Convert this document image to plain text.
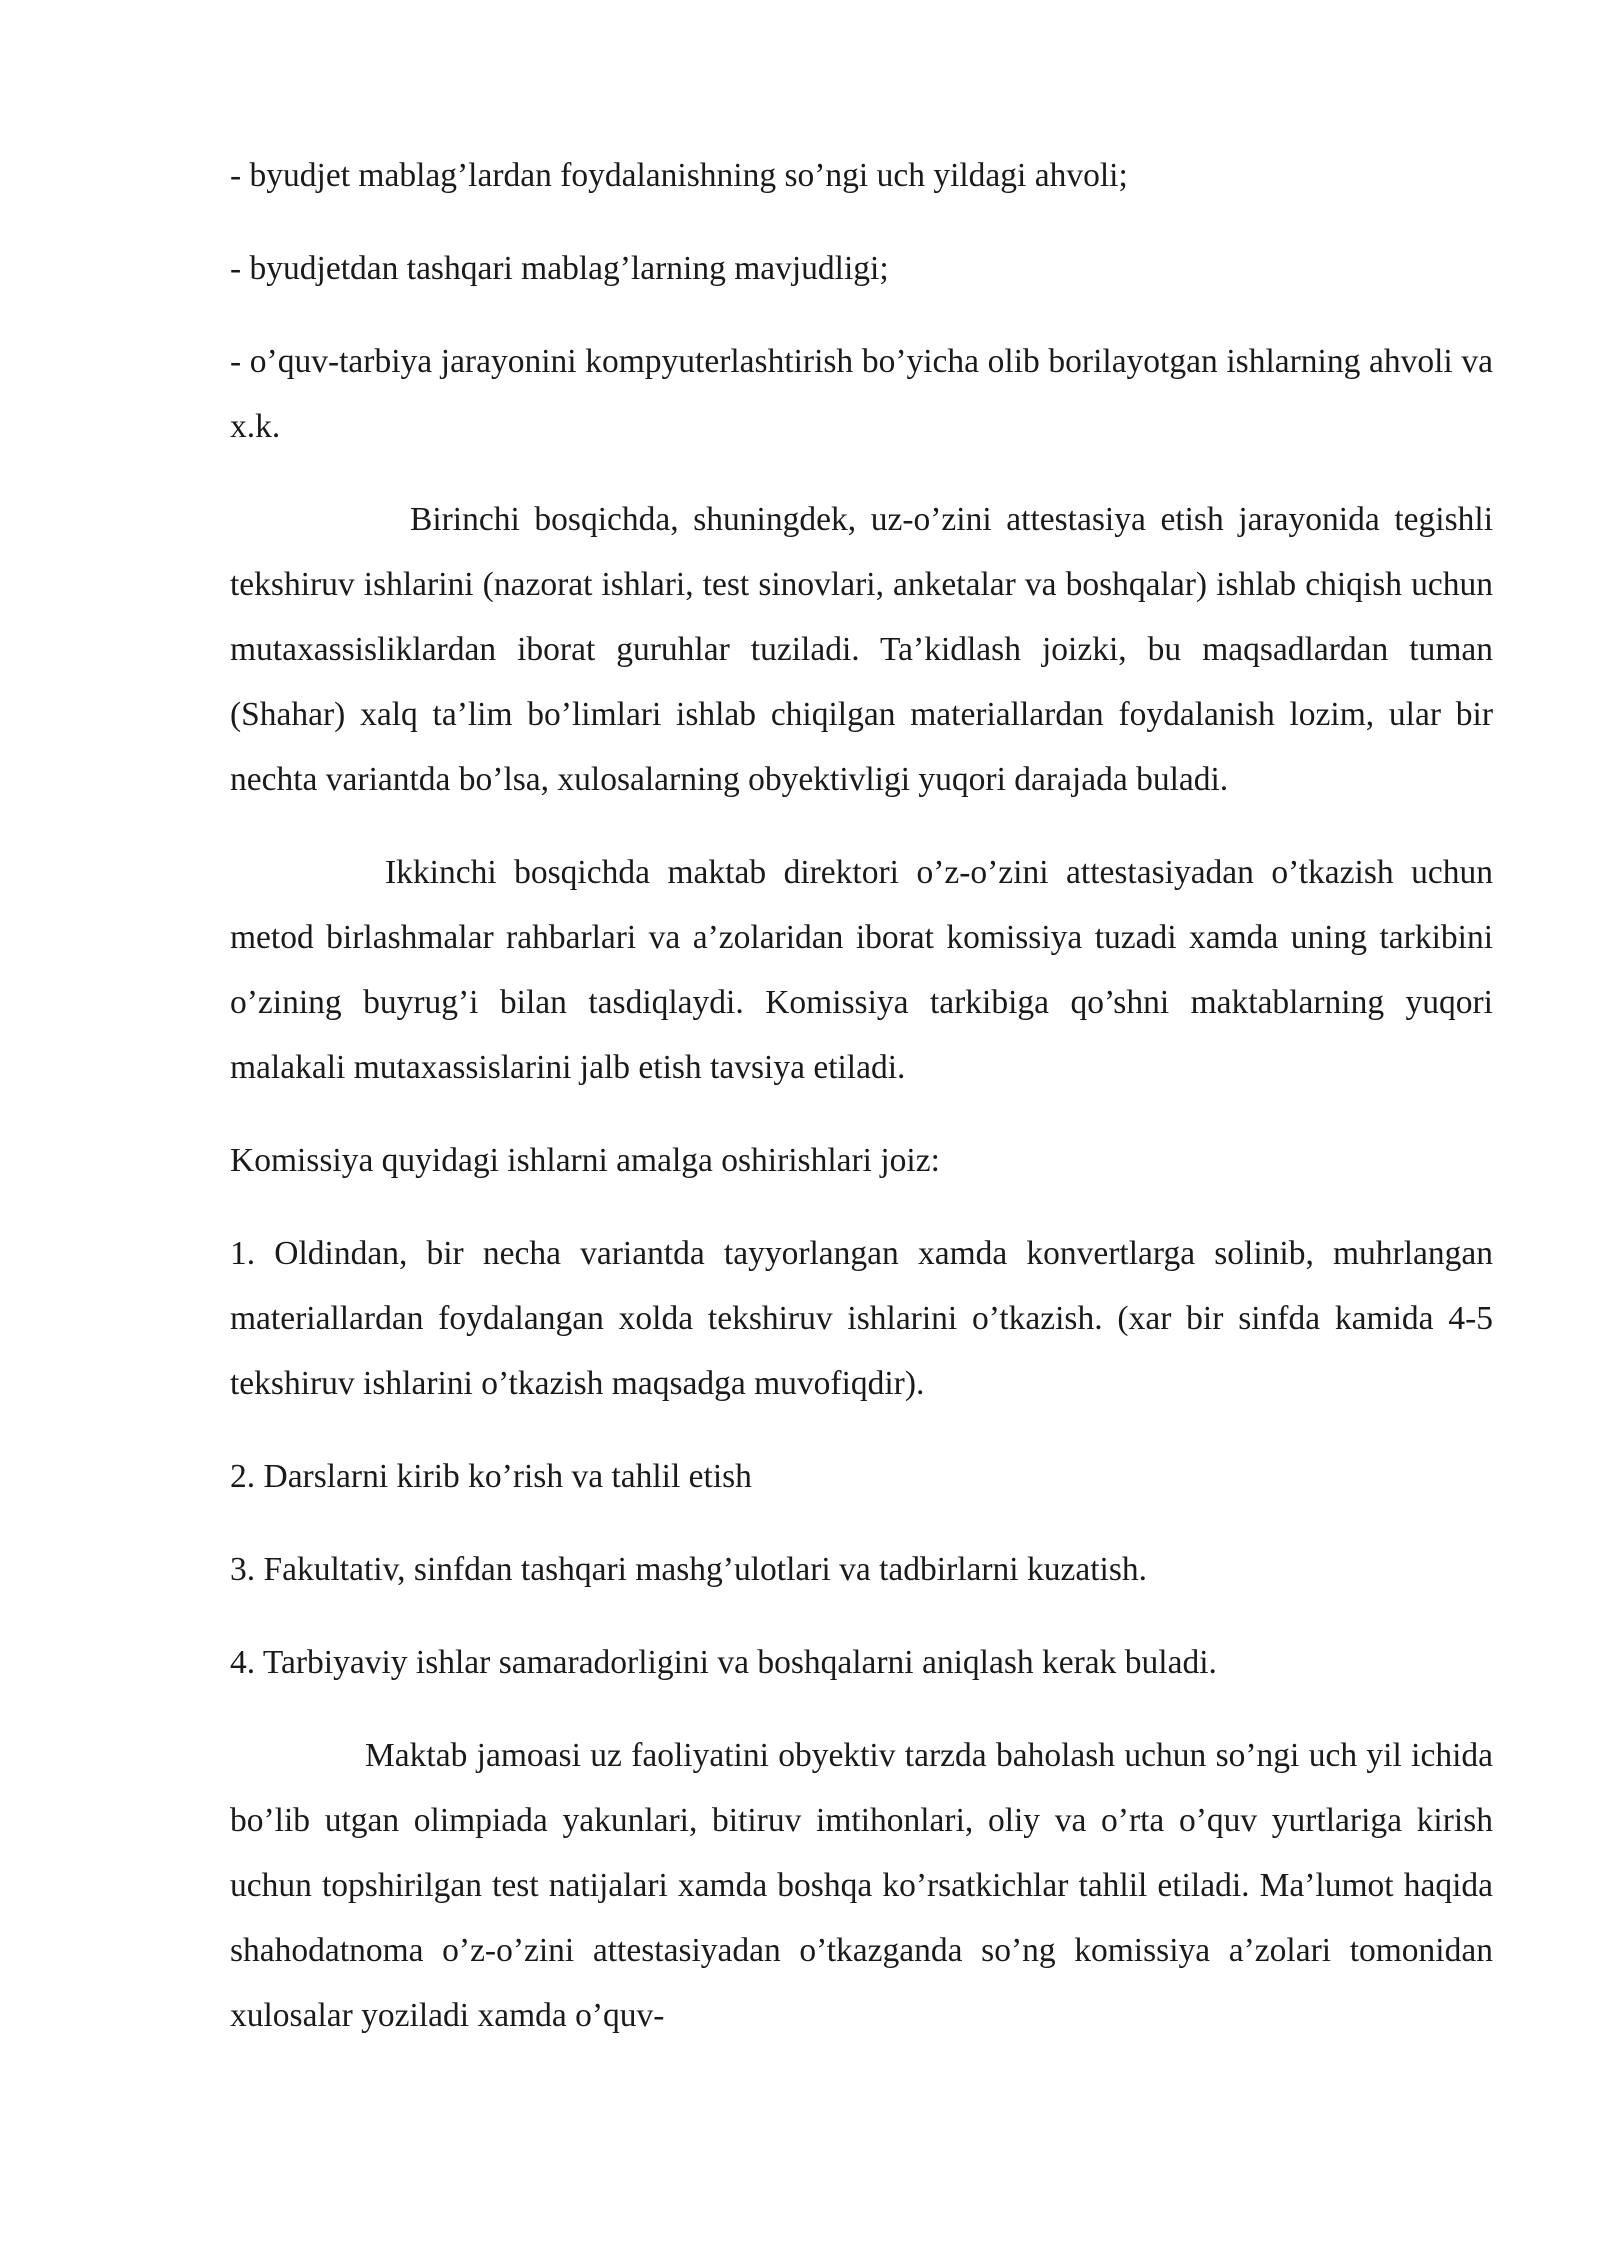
- byudjet mablag’lardan foydalanishning so’ngi uch yildagi ahvoli;

- byudjetdan tashqari mablag’larning mavjudligi;

- o’quv-tarbiya jarayonini kompyuterlashtirish bo’yicha olib borilayotgan ishlarning ahvoli va x.k.

Birinchi bosqichda, shuningdek, uz-o’zini attestasiya etish jarayonida tegishli tekshiruv ishlarini (nazorat ishlari, test sinovlari, anketalar va boshqalar) ishlab chiqish uchun mutaxassisliklardan iborat guruhlar tuziladi. Ta’kidlash joizki, bu maqsadlardan tuman (Shahar) xalq ta’lim bo’limlari ishlab chiqilgan materiallardan foydalanish lozim, ular bir nechta variantda bo’lsa, xulosalarning obyektivligi yuqori darajada buladi.

Ikkinchi bosqichda maktab direktori o’z-o’zini attestasiyadan o’tkazish uchun metod birlashmalar rahbarlari va a’zolaridan iborat komissiya tuzadi xamda uning tarkibini o’zining buyrug’i bilan tasdiqlaydi. Komissiya tarkibiga qo’shni maktablarning yuqori malakali mutaxassislarini jalb etish tavsiya etiladi.

Komissiya quyidagi ishlarni amalga oshirishlari joiz:

1. Oldindan, bir necha variantda tayyorlangan xamda konvertlarga solinib, muhrlangan materiallardan foydalangan xolda tekshiruv ishlarini o’tkazish. (xar bir sinfda kamida 4-5 tekshiruv ishlarini o’tkazish maqsadga muvofiqdir).

2. Darslarni kirib ko’rish va tahlil etish

3. Fakultativ, sinfdan tashqari mashg’ulotlari va tadbirlarni kuzatish.

4. Tarbiyaviy ishlar samaradorligini va boshqalarni aniqlash kerak buladi.

Maktab jamoasi uz faoliyatini obyektiv tarzda baholash uchun so’ngi uch yil ichida bo’lib utgan olimpiada yakunlari, bitiruv imtihonlari, oliy va o’rta o’quv yurtlariga kirish uchun topshirilgan test natijalari xamda boshqa ko’rsatkichlar tahlil etiladi. Ma’lumot haqida shahodatnoma o’z-o’zini attestasiyadan o’tkazganda so’ng komissiya a’zolari tomonidan xulosalar yoziladi xamda o’quv-
